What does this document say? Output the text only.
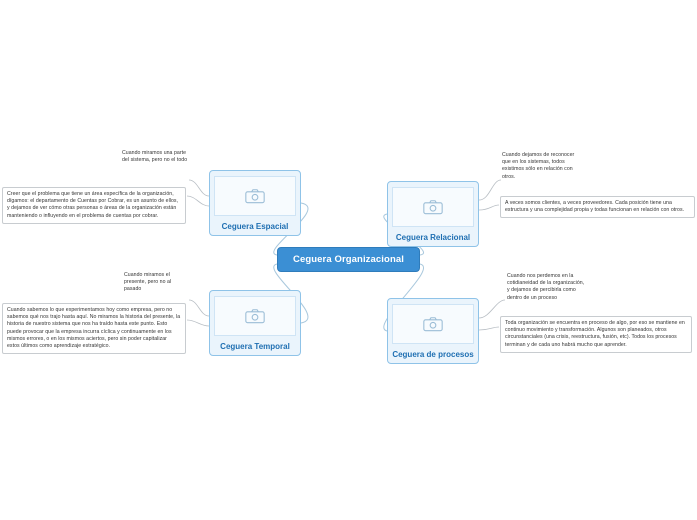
Ceguera Organizacional
Ceguera Espacial
Ceguera Relacional
Ceguera Temporal
Ceguera de procesos
Cuando miramos una parte del sistema, pero no el todo
Creer que el problema que tiene un área específica de la organización, dígamos: el departamento de Cuentas por Cobrar, es un asunto de ellos, y dejamos de ver cómo otras personas o áreas de la organización están manteniendo o influyendo en el problema de cuentas por cobrar.
Cuando miramos el presente, pero no al pasado
Cuando sabemos lo que experimentamos hoy como empresa, pero no sabemos qué nos trajo hasta aquí. No miramos la historia del presente, la historia de nuestro sistema que nos ha traído hasta este punto. Esto puede provocar que la empresa incurra cíclica y continuamente en los mismos errores, o en los mismos aciertos, pero sin poder capitalizar estos últimos como aprendizaje estratégico.
Cuando dejamos de reconocer que en los sistemas, todos existimos sólo en relación con otros.
A veces somos clientes, a veces proveedores. Cada posición tiene una estructura y una complejidad propia y todas funcionan en relación con otros.
Cuando nos perdemos en la cotidianeidad de la organización, y dejamos de percibirla como dentro de un proceso
Toda organización se encuentra en proceso de algo, por eso se mantiene en continuo movimiento y transformación. Algunos son planeados, otros circunstanciales (una crisis, reestructura, fusión, etc). Todos los procesos terminan y de cada uno habrá mucho que aprender.
